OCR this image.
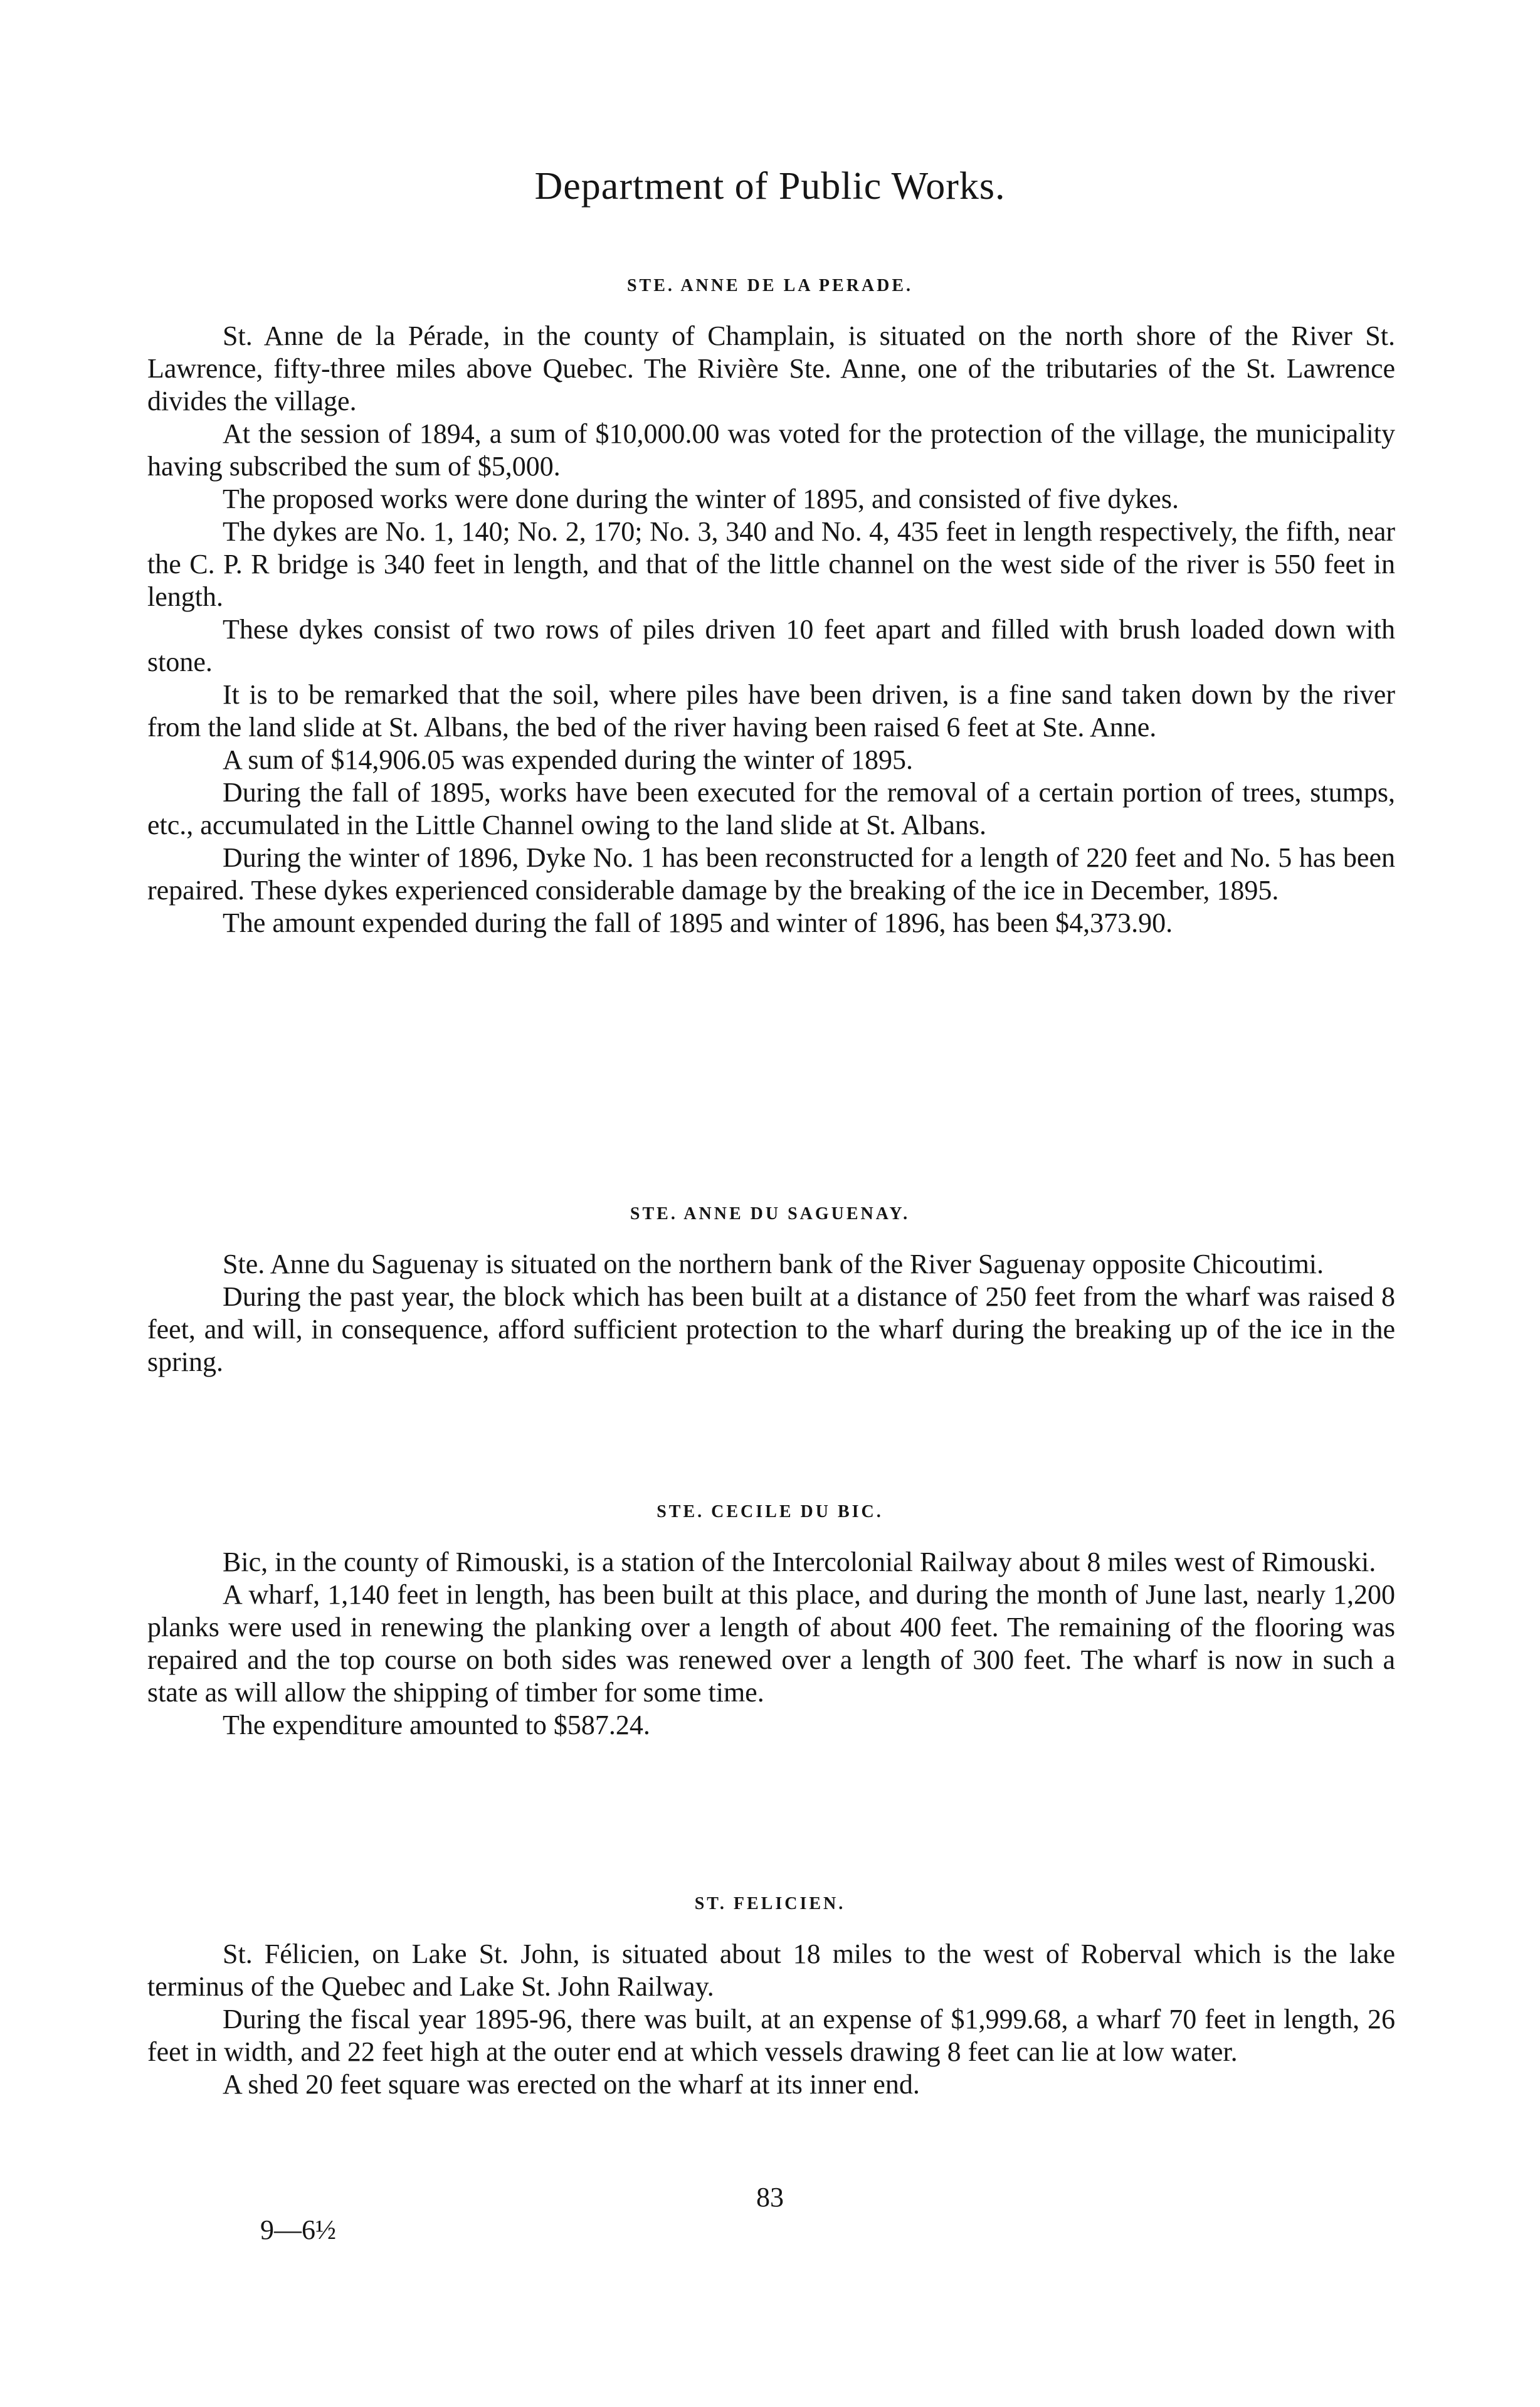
Department of Public Works.
STE. ANNE DE LA PERADE.

St. Anne de la Pérade, in the county of Champlain, is situated on the north shore of the River St. Lawrence, fifty-three miles above Quebec. The Rivière Ste. Anne, one of the tributaries of the St. Lawrence divides the village.

At the session of 1894, a sum of $10,000.00 was voted for the protection of the village, the municipality having subscribed the sum of $5,000.

The proposed works were done during the winter of 1895, and consisted of five dykes.

The dykes are No. 1, 140; No. 2, 170; No. 3, 340 and No. 4, 435 feet in length respectively, the fifth, near the C. P. R bridge is 340 feet in length, and that of the little channel on the west side of the river is 550 feet in length.

These dykes consist of two rows of piles driven 10 feet apart and filled with brush loaded down with stone.

It is to be remarked that the soil, where piles have been driven, is a fine sand taken down by the river from the land slide at St. Albans, the bed of the river having been raised 6 feet at Ste. Anne.

A sum of $14,906.05 was expended during the winter of 1895.

During the fall of 1895, works have been executed for the removal of a certain portion of trees, stumps, etc., accumulated in the Little Channel owing to the land slide at St. Albans.

During the winter of 1896, Dyke No. 1 has been reconstructed for a length of 220 feet and No. 5 has been repaired. These dykes experienced considerable damage by the breaking of the ice in December, 1895.

The amount expended during the fall of 1895 and winter of 1896, has been $4,373.90.

STE. ANNE DU SAGUENAY.

Ste. Anne du Saguenay is situated on the northern bank of the River Saguenay opposite Chicoutimi.

During the past year, the block which has been built at a distance of 250 feet from the wharf was raised 8 feet, and will, in consequence, afford sufficient protection to the wharf during the breaking up of the ice in the spring.

STE. CECILE DU BIC.

Bic, in the county of Rimouski, is a station of the Intercolonial Railway about 8 miles west of Rimouski.

A wharf, 1,140 feet in length, has been built at this place, and during the month of June last, nearly 1,200 planks were used in renewing the planking over a length of about 400 feet. The remaining of the flooring was repaired and the top course on both sides was renewed over a length of 300 feet. The wharf is now in such a state as will allow the shipping of timber for some time.

The expenditure amounted to $587.24.

ST. FELICIEN.

St. Félicien, on Lake St. John, is situated about 18 miles to the west of Roberval which is the lake terminus of the Quebec and Lake St. John Railway.

During the fiscal year 1895-96, there was built, at an expense of $1,999.68, a wharf 70 feet in length, 26 feet in width, and 22 feet high at the outer end at which vessels drawing 8 feet can lie at low water.

A shed 20 feet square was erected on the wharf at its inner end.

83
9—6½
